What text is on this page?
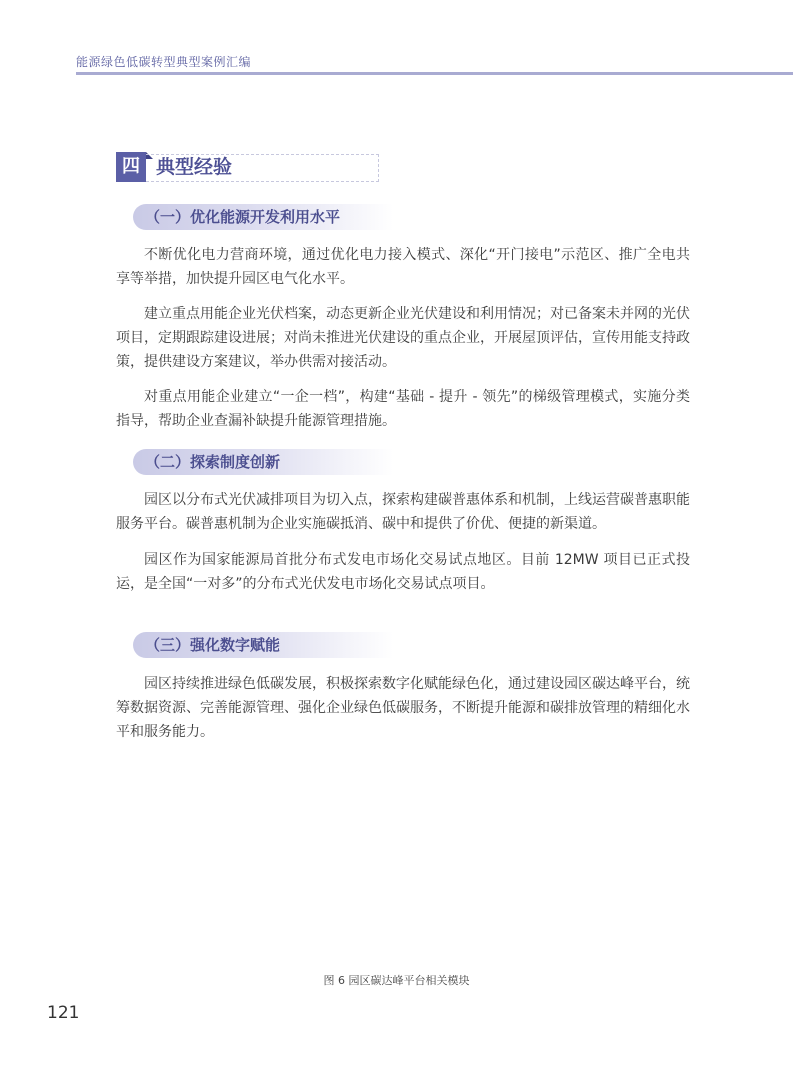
能源绿色低碳转型典型案例汇编
四 典型经验
（一）优化能源开发利用水平

不断优化电力营商环境，通过优化电力接入模式、深化“开门接电”示范区、推广全电共享等举措，加快提升园区电气化水平。

建立重点用能企业光伏档案，动态更新企业光伏建设和利用情况；对已备案未并网的光伏项目，定期跟踪建设进展；对尚未推进光伏建设的重点企业，开展屋顶评估，宣传用能支持政策，提供建设方案建议，举办供需对接活动。

对重点用能企业建立“一企一档”，构建“基础 - 提升 - 领先”的梯级管理模式，实施分类指导，帮助企业查漏补缺提升能源管理措施。

（二）探索制度创新

园区以分布式光伏减排项目为切入点，探索构建碳普惠体系和机制，上线运营碳普惠职能服务平台。碳普惠机制为企业实施碳抵消、碳中和提供了价优、便捷的新渠道。

园区作为国家能源局首批分布式发电市场化交易试点地区。目前 12MW 项目已正式投运，是全国“一对多”的分布式光伏发电市场化交易试点项目。

（三）强化数字赋能

园区持续推进绿色低碳发展，积极探索数字化赋能绿色化，通过建设园区碳达峰平台，统筹数据资源、完善能源管理、强化企业绿色低碳服务，不断提升能源和碳排放管理的精细化水平和服务能力。

图 6 园区碳达峰平台相关模块
121
